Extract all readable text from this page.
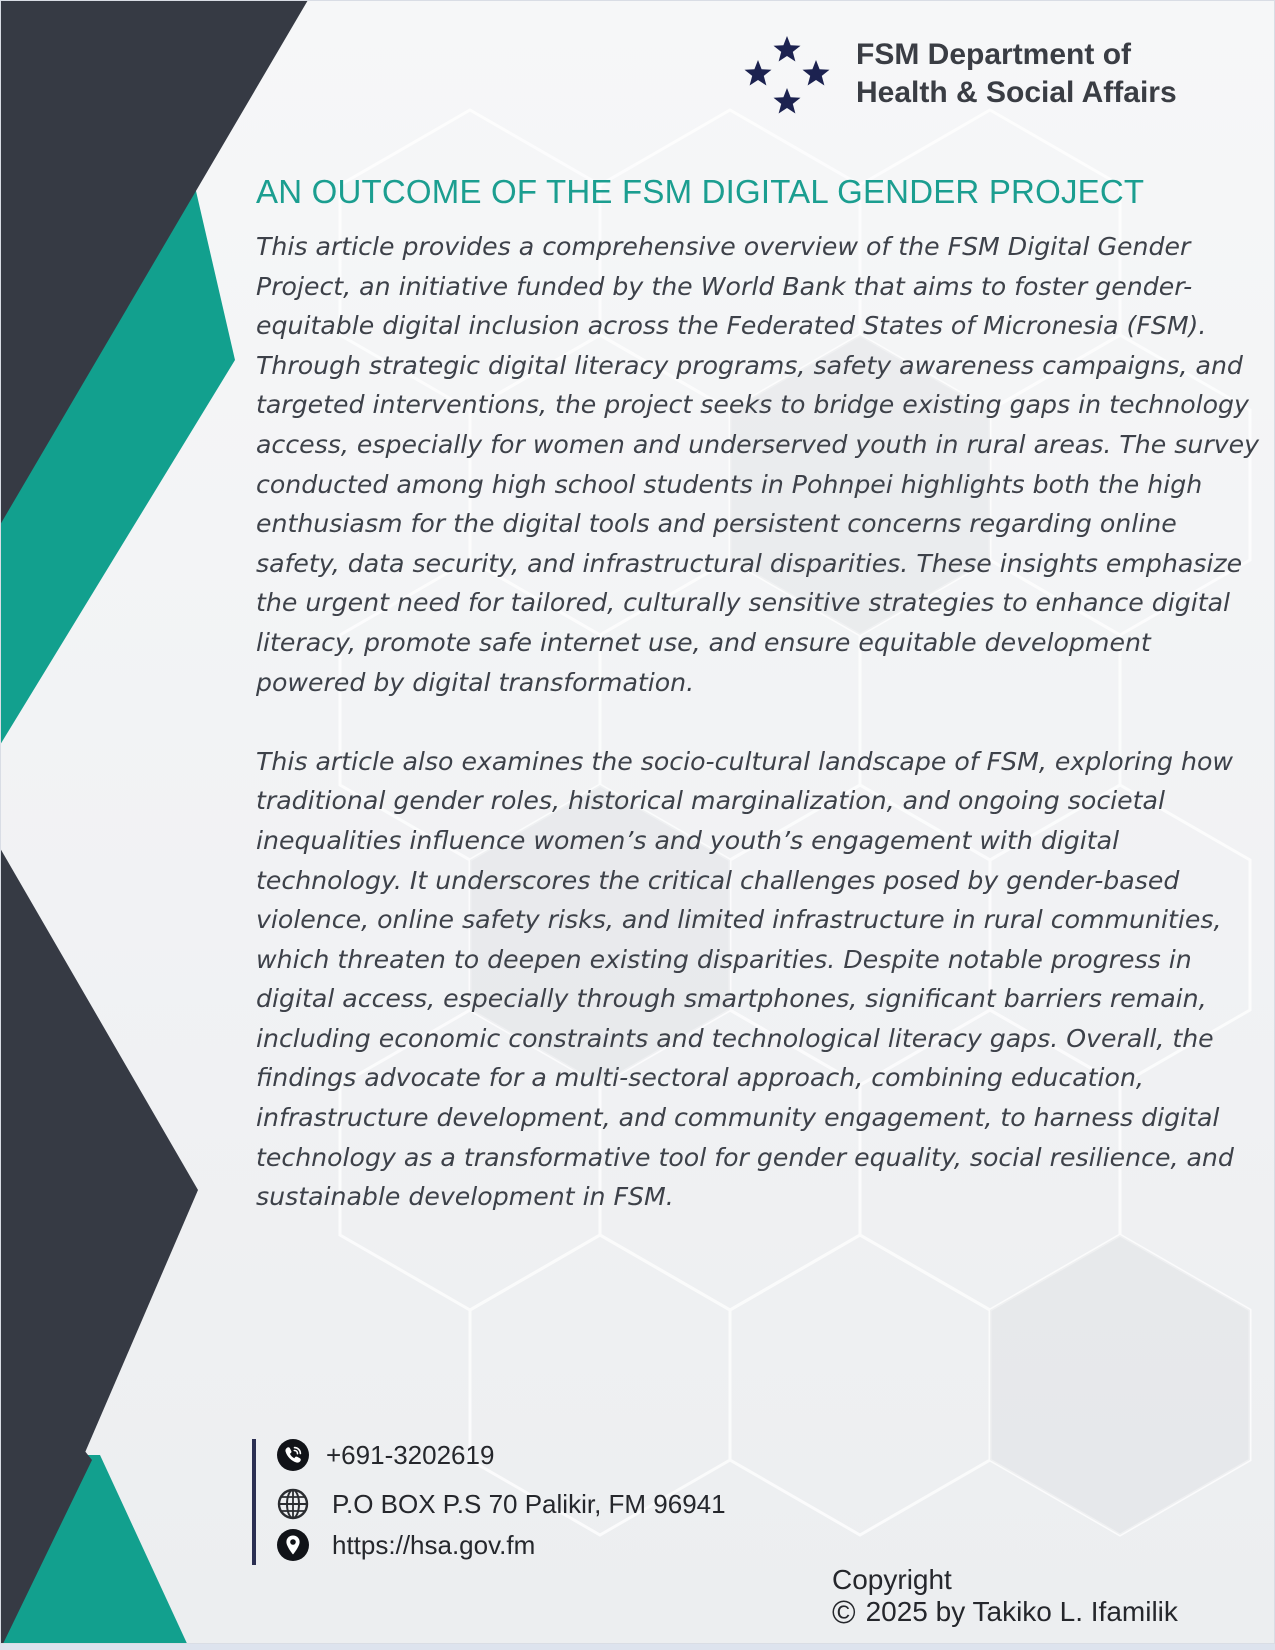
FSM Department of
Health & Social Affairs
AN OUTCOME OF THE FSM DIGITAL GENDER PROJECT

This article provides a comprehensive overview of the FSM Digital Gender Project, an initiative funded by the World Bank that aims to foster gender-equitable digital inclusion across the Federated States of Micronesia (FSM). Through strategic digital literacy programs, safety awareness campaigns, and targeted interventions, the project seeks to bridge existing gaps in technology access, especially for women and underserved youth in rural areas. The survey conducted among high school students in Pohnpei highlights both the high enthusiasm for the digital tools and persistent concerns regarding online safety, data security, and infrastructural disparities. These insights emphasize the urgent need for tailored, culturally sensitive strategies to enhance digital literacy, promote safe internet use, and ensure equitable development powered by digital transformation.

This article also examines the socio-cultural landscape of FSM, exploring how traditional gender roles, historical marginalization, and ongoing societal inequalities influence women’s and youth’s engagement with digital technology. It underscores the critical challenges posed by gender-based violence, online safety risks, and limited infrastructure in rural communities, which threaten to deepen existing disparities. Despite notable progress in digital access, especially through smartphones, significant barriers remain, including economic constraints and technological literacy gaps. Overall, the findings advocate for a multi-sectoral approach, combining education, infrastructure development, and community engagement, to harness digital technology as a transformative tool for gender equality, social resilience, and sustainable development in FSM.

+691-3202619
P.O BOX P.S 70 Palikir, FM 96941
https://hsa.gov.fm
Copyright
© 2025 by Takiko L. Ifamilik
